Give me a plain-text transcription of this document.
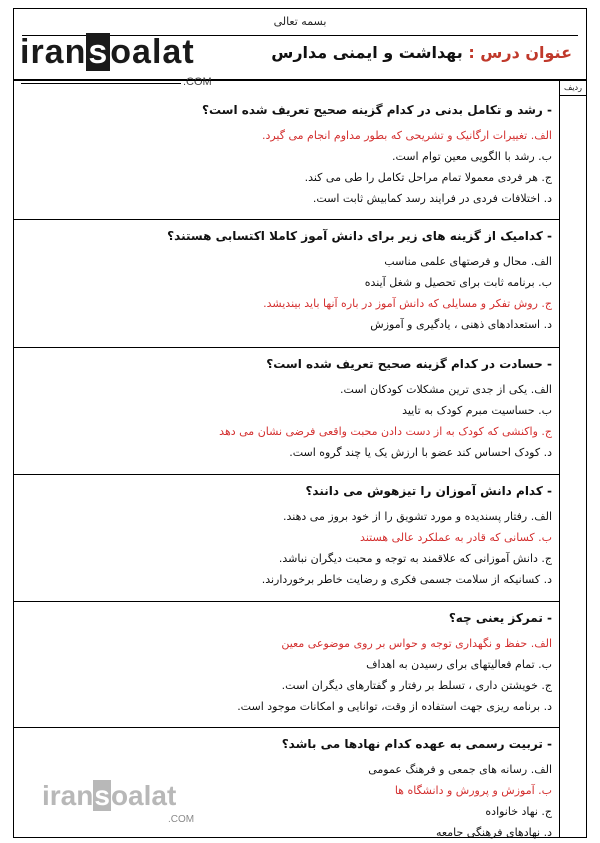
بسمه تعالی
عنوان درس : بهداشت و ایمنی مدارس
iransoalat
.COM	ردیف
- رشد و تکامل بدنی در کدام گزینه صحیح تعریف شده است؟
الف. تغییرات ارگانیک و تشریحی که بطور مداوم انجام می گیرد.
ب. رشد با الگویی معین توام است.
ج. هر فردی معمولا تمام مراحل تکامل را طی می کند.
د. اختلافات فردی در فرایند رسد کمابیش ثابت است.
- کدامیک از گزینه های زیر برای دانش آموز کاملا اکتسابی هستند؟
الف. محال و فرصتهای علمی مناسب
ب. برنامه ثابت برای تحصیل و شغل آینده
ج. روش تفکر و مسایلی که دانش آموز در باره آنها باید بیندیشد.
د. استعدادهای ذهنی ، یادگیری و آموزش
- حسادت در کدام گزینه صحیح تعریف شده است؟
الف. یکی از جدی ترین مشکلات کودکان است.
ب. حساسیت مبرم کودک به تایید
ج. واکنشی که کودک به از دست دادن محبت واقعی فرضی نشان می دهد
د. کودک احساس کند عضو با ارزش یک یا چند گروه است.
- کدام دانش آموزان را تیزهوش می دانند؟
الف. رفتار پسندیده و مورد تشویق را از خود بروز می دهند.
ب. کسانی که قادر به عملکرد عالی هستند
ج. دانش آموزانی که علاقمند به توجه و محبت دیگران نباشد.
د. کسانیکه از سلامت جسمی فکری و رضایت خاطر برخوردارند.
- تمرکز یعنی چه؟
الف. حفظ و نگهداری توجه و حواس بر روی موضوعی معین
ب. تمام فعالیتهای برای رسیدن به اهداف
ج. خویشتن داری ، تسلط بر رفتار و گفتارهای دیگران است.
د. برنامه ریزی جهت استفاده از وقت، توانایی و امکانات موجود است.
- تربیت رسمی به عهده کدام نهادها می باشد؟
الف. رسانه های جمعی و فرهنگ عمومی
ب. آموزش و پرورش و دانشگاه ها
ج. نهاد خانواده
د. نهادهای فرهنگی جامعه
iransoalat
.COM
